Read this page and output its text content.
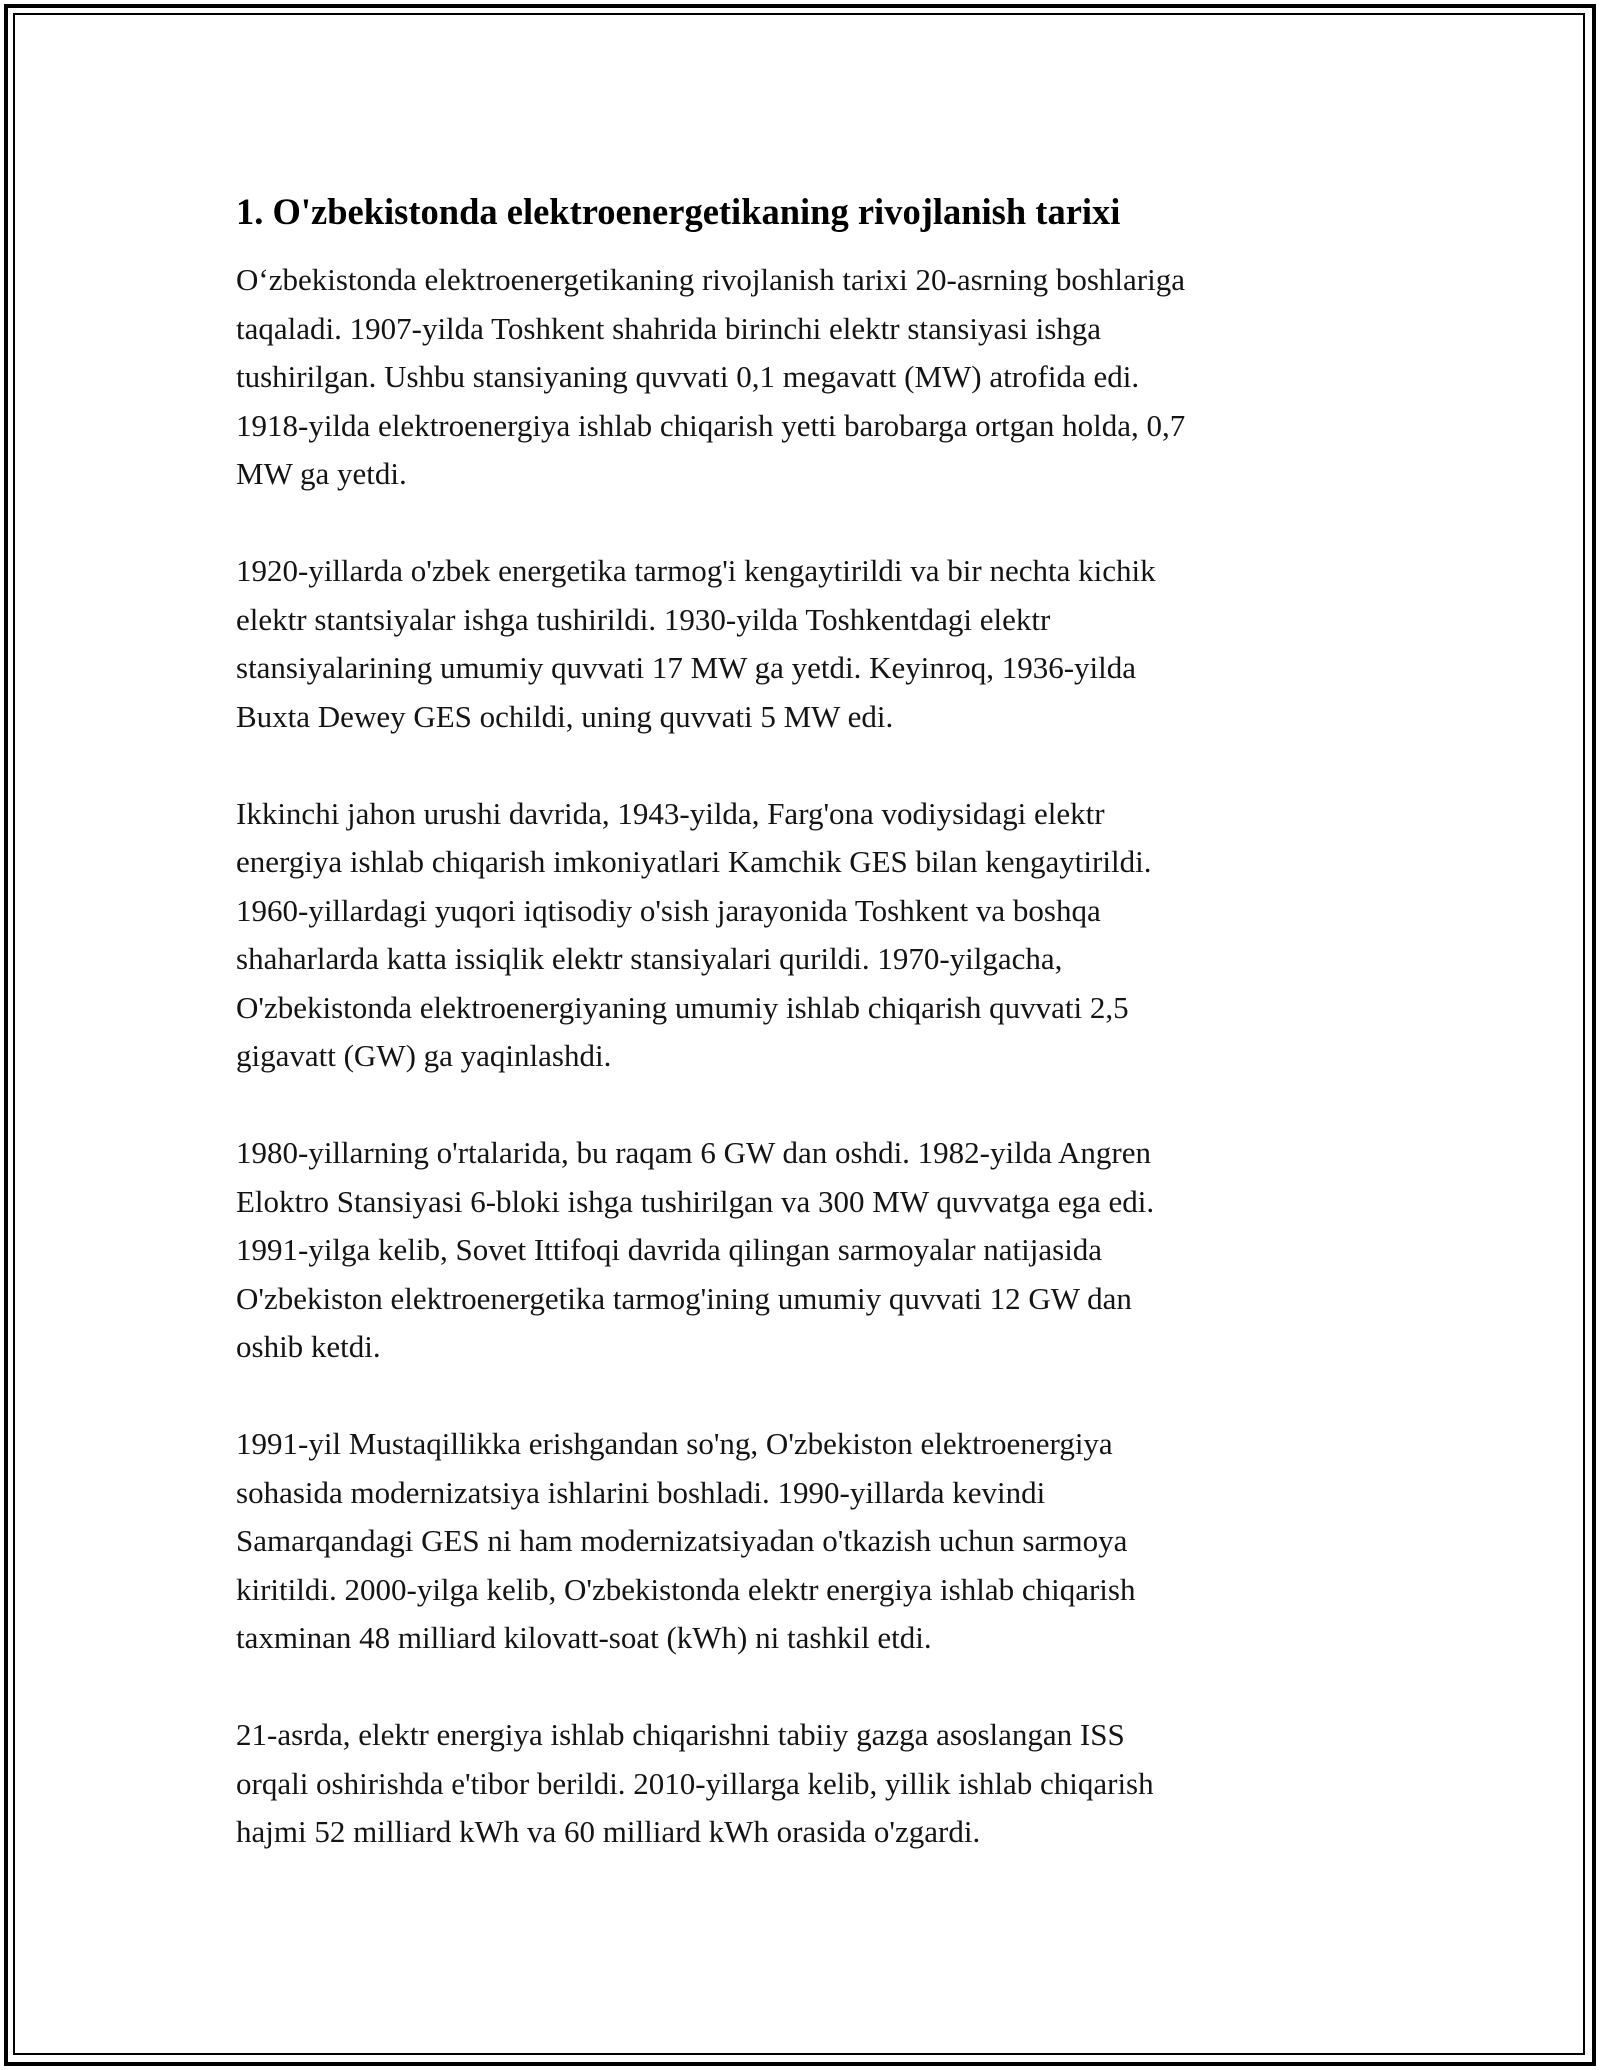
1. O'zbekistonda elektroenergetikaning rivojlanish tarixi

O‘zbekistonda elektroenergetikaning rivojlanish tarixi 20-asrning boshlariga
taqaladi. 1907-yilda Toshkent shahrida birinchi elektr stansiyasi ishga
tushirilgan. Ushbu stansiyaning quvvati 0,1 megavatt (MW) atrofida edi.
1918-yilda elektroenergiya ishlab chiqarish yetti barobarga ortgan holda, 0,7
MW ga yetdi.

1920-yillarda o'zbek energetika tarmog'i kengaytirildi va bir nechta kichik
elektr stantsiyalar ishga tushirildi. 1930-yilda Toshkentdagi elektr
stansiyalarining umumiy quvvati 17 MW ga yetdi. Keyinroq, 1936-yilda
Buxta Dewey GES ochildi, uning quvvati 5 MW edi.

Ikkinchi jahon urushi davrida, 1943-yilda, Farg'ona vodiysidagi elektr
energiya ishlab chiqarish imkoniyatlari Kamchik GES bilan kengaytirildi.
1960-yillardagi yuqori iqtisodiy o'sish jarayonida Toshkent va boshqa
shaharlarda katta issiqlik elektr stansiyalari qurildi. 1970-yilgacha,
O'zbekistonda elektroenergiyaning umumiy ishlab chiqarish quvvati 2,5
gigavatt (GW) ga yaqinlashdi.

1980-yillarning o'rtalarida, bu raqam 6 GW dan oshdi. 1982-yilda Angren
Eloktro Stansiyasi 6-bloki ishga tushirilgan va 300 MW quvvatga ega edi.
1991-yilga kelib, Sovet Ittifoqi davrida qilingan sarmoyalar natijasida
O'zbekiston elektroenergetika tarmog'ining umumiy quvvati 12 GW dan
oshib ketdi.

1991-yil Mustaqillikka erishgandan so'ng, O'zbekiston elektroenergiya
sohasida modernizatsiya ishlarini boshladi. 1990-yillarda kevindi
Samarqandagi GES ni ham modernizatsiyadan o'tkazish uchun sarmoya
kiritildi. 2000-yilga kelib, O'zbekistonda elektr energiya ishlab chiqarish
taxminan 48 milliard kilovatt-soat (kWh) ni tashkil etdi.

21-asrda, elektr energiya ishlab chiqarishni tabiiy gazga asoslangan ISS
orqali oshirishda e'tibor berildi. 2010-yillarga kelib, yillik ishlab chiqarish
hajmi 52 milliard kWh va 60 milliard kWh orasida o'zgardi.
